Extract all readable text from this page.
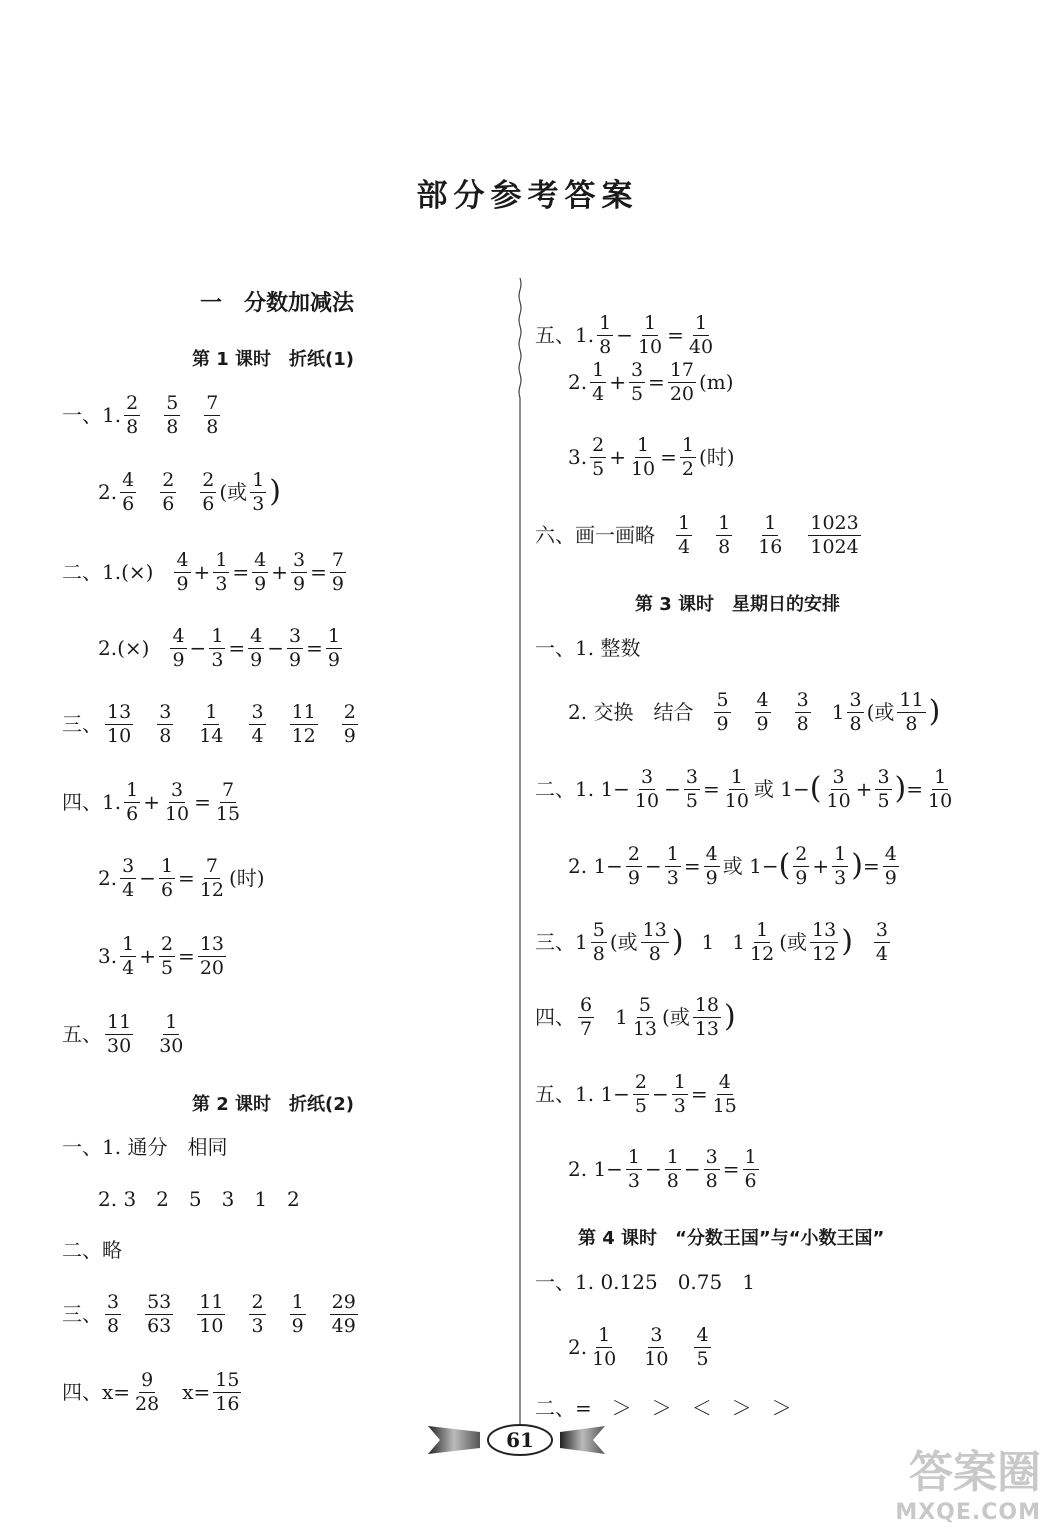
部分参考答案
一　分数加减法
第 1 课时　折纸(1)
第 2 课时　折纸(2)
第 3 课时　星期日的安排
第 4 课时　“分数王国”与“小数王国”
一、1. $\frac{2}{8} \frac{5}{8} \frac{7}{8}$
2. $\frac{4}{6} \frac{2}{6} \frac{2}{6}$ (或 $\frac{1}{3}$ )
二、$1.(\times) \frac{4}{9} + \frac{1}{3} = \frac{4}{9} + \frac{3}{9} = \frac{7}{9}$
$2.(\times) \frac{4}{9} - \frac{1}{3} = \frac{4}{9} - \frac{3}{9} = \frac{1}{9}$
三、 $\frac{13}{10} \frac{3}{8} \frac{1}{14} \frac{3}{4} \frac{11}{12} \frac{2}{9}$
四、1. $\frac{1}{6} + \frac{3}{10} = \frac{7}{15}$
2. $\frac{3}{4} - \frac{1}{6} = \frac{7}{12}$ (时)
3. $\frac{1}{4} + \frac{2}{5} = \frac{13}{20}$
五、 $\frac{11}{30} \frac{1}{30}$
一、1. 通分　相同
2. 3　2　5　3　1　2
二、略
三、 $\frac{3}{8} \frac{53}{63} \frac{11}{10} \frac{2}{3} \frac{1}{9} \frac{29}{49}$
四、$x= \frac{9}{28} x= \frac{15}{16}$
五、1. $\frac{1}{8} - \frac{1}{10} = \frac{1}{40}$
2. $\frac{1}{4} + \frac{3}{5} = \frac{17}{20} (m)$
3. $\frac{2}{5} + \frac{1}{10} = \frac{1}{2}$ (时)
六、画一画略 $\frac{1}{4} \frac{1}{8} \frac{1}{16} \frac{1023}{1024}$
一、1. 整数
2. 交换　结合 $\frac{5}{9} \frac{4}{9} \frac{3}{8} 1 \frac{3}{8}$ (或 $\frac{11}{8}$ )
二、1. $1- \frac{3}{10} - \frac{3}{5} = \frac{1}{10}$ 或 1− ( $\frac{3}{10} + \frac{3}{5}$ ) = $\frac{1}{10}$
2. $1- \frac{2}{9} - \frac{1}{3} = \frac{4}{9}$ 或 1− ( $\frac{2}{9} + \frac{1}{3}$ ) = $\frac{4}{9}$
三、$1 \frac{5}{8}$ (或 $\frac{13}{8}$ ) 1 $1 \frac{1}{12}$ (或 $\frac{13}{12}$ ) $\frac{3}{4}$
四、 $\frac{6}{7} 1 \frac{5}{13}$ (或 $\frac{18}{13}$ )
五、1. $1- \frac{2}{5} - \frac{1}{3} = \frac{4}{15}$
2. $1- \frac{1}{3} - \frac{1}{8} - \frac{3}{8} = \frac{1}{6}$
一、1. 0.125　0.75　1
2. $\frac{1}{10} \frac{3}{10} \frac{4}{5}$
二、=　＞　＞　＜　＞　＞
61
答案圈
MXQE.COM
